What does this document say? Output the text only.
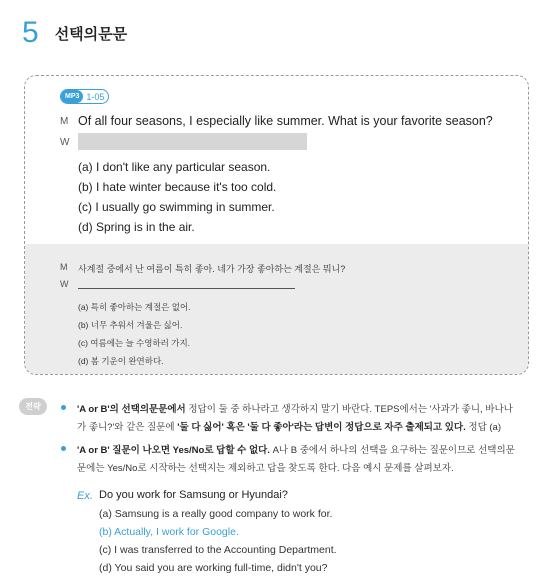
5 선택의문문
MP3 1-05
M Of all four seasons, I especially like summer. What is your favorite season?
W
(a) I don't like any particular season.
(b) I hate winter because it's too cold.
(c) I usually go swimming in summer.
(d) Spring is in the air.
M 사계절 중에서 난 여름이 특히 좋아. 네가 가장 좋아하는 계절은 뭐니?
W
(a) 특히 좋아하는 계절은 없어.
(b) 너무 추워서 겨울은 싫어.
(c) 여름에는 늘 수영하러 가지.
(d) 봄 기운이 완연하다.
전략	'A or B'의 선택의문문에서 정답이 둘 중 하나라고 생각하지 말기 바란다. TEPS에서는 '사과가 좋니, 바나나
가 좋니?'와 같은 질문에 '둘 다 싫어' 혹은 '둘 다 좋아'라는 답변이 정답으로 자주 출제되고 있다. 정답 (a)
'A or B' 질문이 나오면 Yes/No로 답할 수 없다. A나 B 중에서 하나의 선택을 요구하는 질문이므로 선택의문
문에는 Yes/No로 시작하는 선택지는 제외하고 답을 찾도록 한다. 다음 예시 문제를 살펴보자.
Ex. Do you work for Samsung or Hyundai?
(a) Samsung is a really good company to work for.
(b) Actually, I work for Google.
(c) I was transferred to the Accounting Department.
(d) You said you are working full-time, didn't you?
